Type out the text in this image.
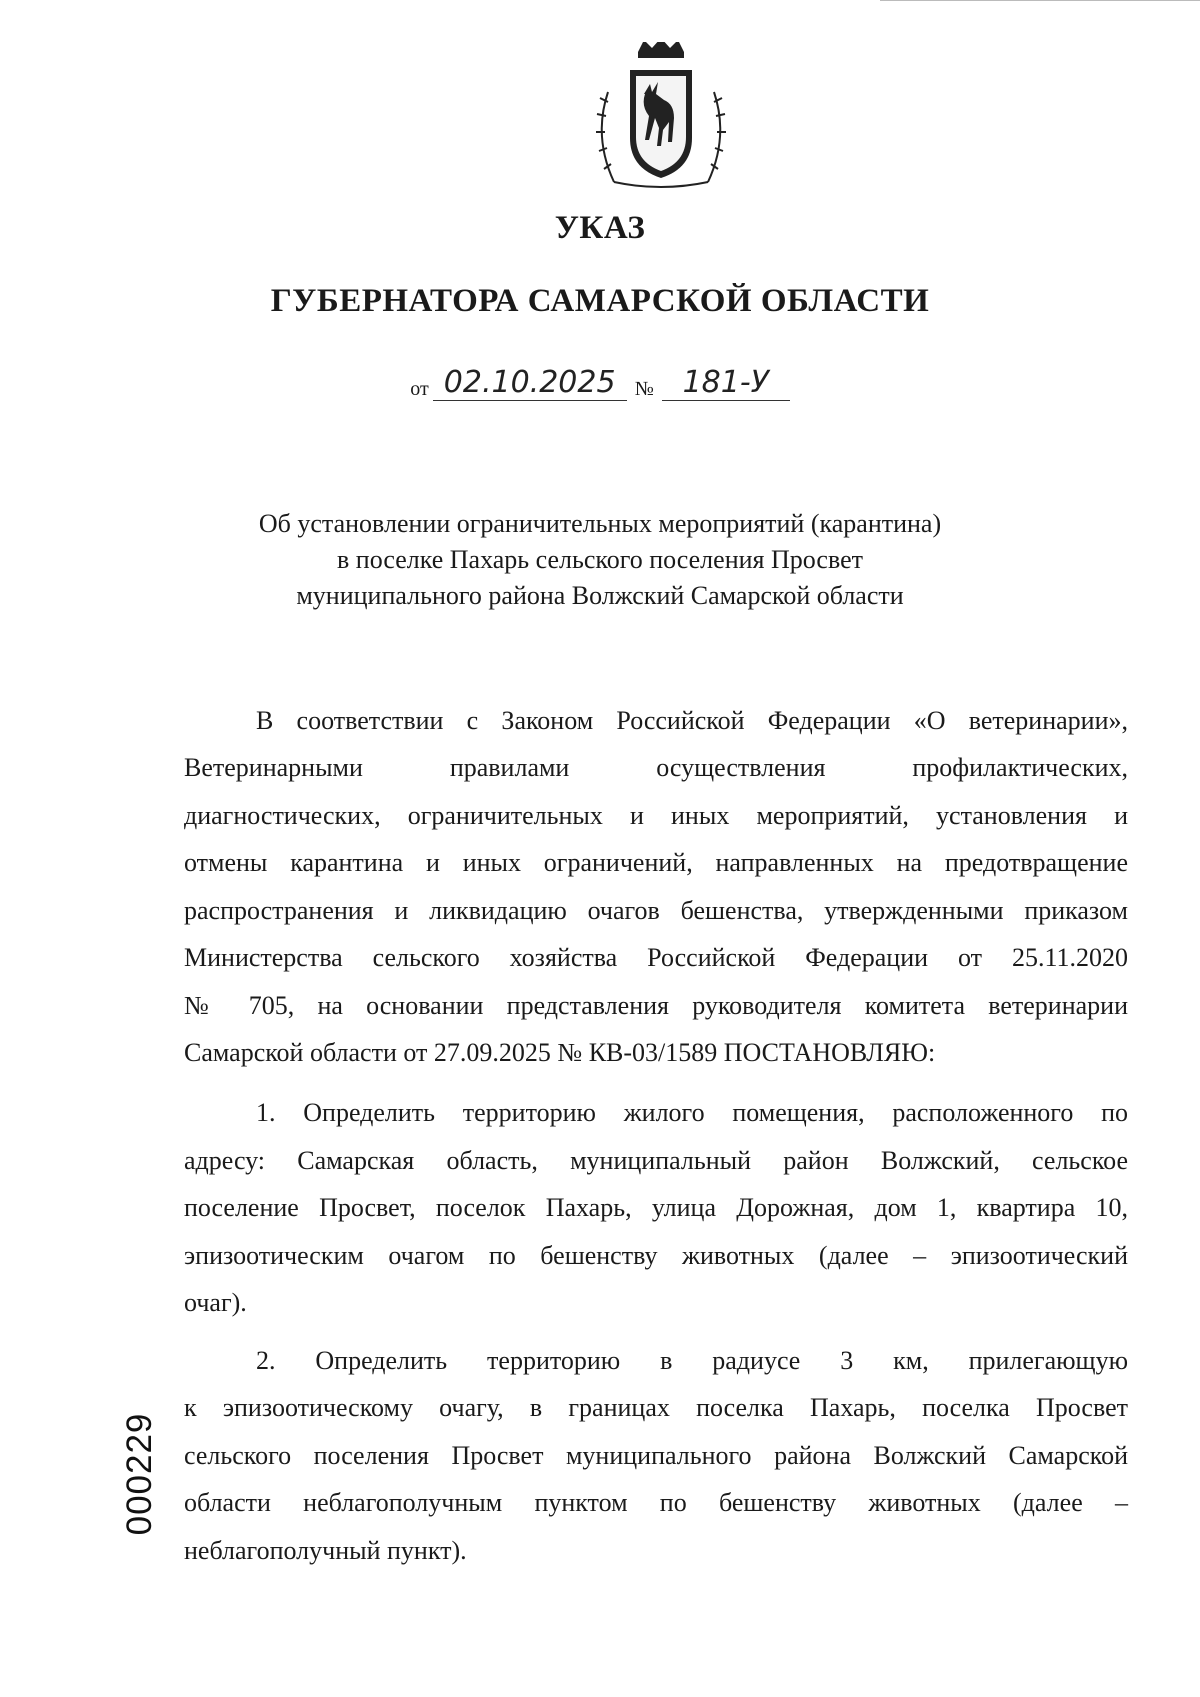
УКАЗ
ГУБЕРНАТОРА САМАРСКОЙ ОБЛАСТИ
от 02.10.2025 № 181-У
Об установлении ограничительных мероприятий (карантина)
в поселке Пахарь сельского поселения Просвет
муниципального района Волжский Самарской области
В соответствии с Законом Российской Федерации «О ветеринарии»,
Ветеринарными правилами осуществления профилактических,
диагностических, ограничительных и иных мероприятий, установления и
отмены карантина и иных ограничений, направленных на предотвращение
распространения и ликвидацию очагов бешенства, утвержденными приказом
Министерства сельского хозяйства Российской Федерации от 25.11.2020
№ 705, на основании представления руководителя комитета ветеринарии
Самарской области от 27.09.2025 № КВ-03/1589 ПОСТАНОВЛЯЮ:
1. Определить территорию жилого помещения, расположенного по
адресу: Самарская область, муниципальный район Волжский, сельское
поселение Просвет, поселок Пахарь, улица Дорожная, дом 1, квартира 10,
эпизоотическим очагом по бешенству животных (далее – эпизоотический
очаг).
2. Определить территорию в радиусе 3 км, прилегающую
к эпизоотическому очагу, в границах поселка Пахарь, поселка Просвет
сельского поселения Просвет муниципального района Волжский Самарской
области неблагополучным пунктом по бешенству животных (далее –
неблагополучный пункт).
000229
